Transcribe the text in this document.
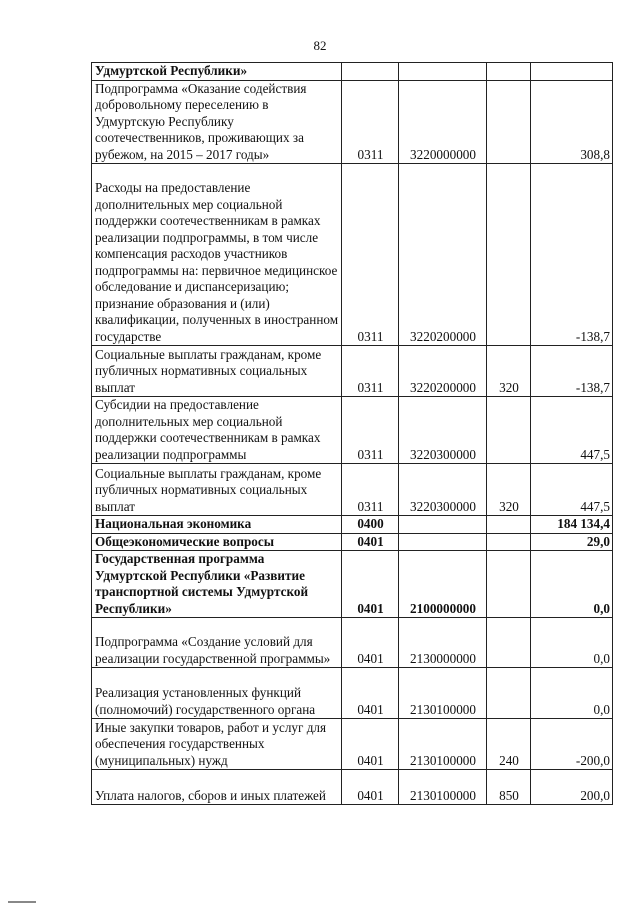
82
Удмуртской Республики»				
Подпрограмма «Оказание содействия добровольному переселению в Удмуртскую Республику соотечественников, проживающих за рубежом, на 2015 – 2017 годы»	0311	3220000000		308,8
Расходы на предоставление дополнительных мер социальной поддержки соотечественникам в рамках реализации подпрограммы, в том числе компенсация расходов участников подпрограммы на: первичное медицинское обследование и диспансеризацию; признание образования и (или) квалификации, полученных в иностранном государстве	0311	3220200000		-138,7
Социальные выплаты гражданам, кроме публичных нормативных социальных выплат	0311	3220200000	320	-138,7
Субсидии на предоставление дополнительных мер социальной поддержки соотечественникам в рамках реализации подпрограммы	0311	3220300000		447,5
Социальные выплаты гражданам, кроме публичных нормативных социальных выплат	0311	3220300000	320	447,5
Национальная экономика	0400			184 134,4
Общеэкономические вопросы	0401			29,0
Государственная программа Удмуртской Республики «Развитие транспортной системы Удмуртской Республики»	0401	2100000000		0,0
Подпрограмма «Создание условий для реализации государственной программы»	0401	2130000000		0,0
Реализация установленных функций (полномочий) государственного органа	0401	2130100000		0,0
Иные закупки товаров, работ и услуг для обеспечения государственных (муниципальных) нужд	0401	2130100000	240	-200,0
Уплата налогов, сборов и иных платежей	0401	2130100000	850	200,0
